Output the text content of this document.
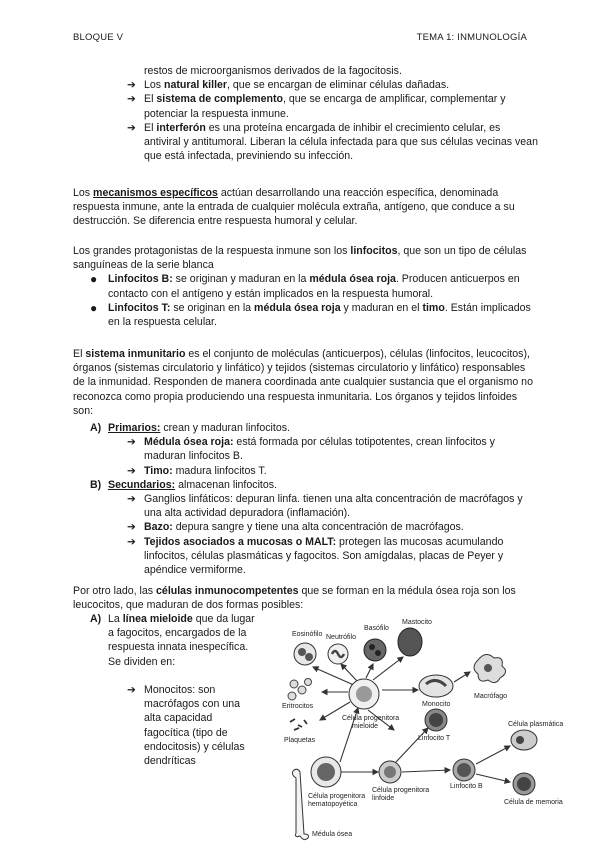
BLOQUE V	TEMA 1: INMUNOLOGÍA
restos de microorganismos derivados de la fagocitosis.
➔ Los natural killer, que se encargan de eliminar células dañadas.
➔ El sistema de complemento, que se encarga de amplificar, complementar y potenciar la respuesta inmune.
➔ El interferón es una proteína encargada de inhibir el crecimiento celular, es antiviral y antitumoral. Liberan la célula infectada para que sus células vecinas vean que está infectada, previniendo su infección.
Los mecanismos específicos actúan desarrollando una reacción específica, denominada respuesta inmune, ante la entrada de cualquier molécula extraña, antígeno, que conduce a su destrucción. Se diferencia entre respuesta humoral y celular.
Los grandes protagonistas de la respuesta inmune son los linfocitos, que son un tipo de células sanguíneas de la serie blanca
● Linfocitos B: se originan y maduran en la médula ósea roja. Producen anticuerpos en contacto con el antígeno y están implicados en la respuesta humoral.
● Linfocitos T: se originan en la médula ósea roja y maduran en el timo. Están implicados en la respuesta celular.
El sistema inmunitario es el conjunto de moléculas (anticuerpos), células (linfocitos, leucocitos), órganos (sistemas circulatorio y linfático) y tejidos (sistemas circulatorio y linfático) responsables de la inmunidad. Responden de manera coordinada ante cualquier sustancia que el organismo no reconozca como propia produciendo una respuesta inmunitaria. Los órganos y tejidos linfoides son:
A) Primarios: crean y maduran linfocitos.
➔ Médula ósea roja: está formada por células totipotentes, crean linfocitos y maduran linfocitos B.
➔ Timo: madura linfocitos T.
B) Secundarios: almacenan linfocitos.
➔ Ganglios linfáticos: depuran linfa. tienen una alta concentración de macrófagos y una alta actividad depuradora (inflamación).
➔ Bazo: depura sangre y tiene una alta concentración de macrófagos.
➔ Tejidos asociados a mucosas o MALT: protegen las mucosas acumulando linfocitos, células plasmáticas y fagocitos. Son amígdalas, placas de Peyer y apéndice vermiforme.
Por otro lado, las células inmunocompetentes que se forman en la médula ósea roja son los leucocitos, que maduran de dos formas posibles:
A) La línea mieloide que da lugar a fagocitos, encargados de la respuesta innata inespecífica. Se dividen en:
➔ Monocitos: son macrófagos con una alta capacidad fagocítica (tipo de endocitosis) y células dendríticas
Eosinófilo Neutrófilo
Basófilo
Mastocito
Eritrocitos	Monocito
Macrófago
Plaquetas
Célula progenitora
mieloide
Linfocito T
Célula plasmática
Célula progenitora
hematopoyética
Célula progenitora
linfoide
Linfocito B
Célula de memoria
Médula ósea
